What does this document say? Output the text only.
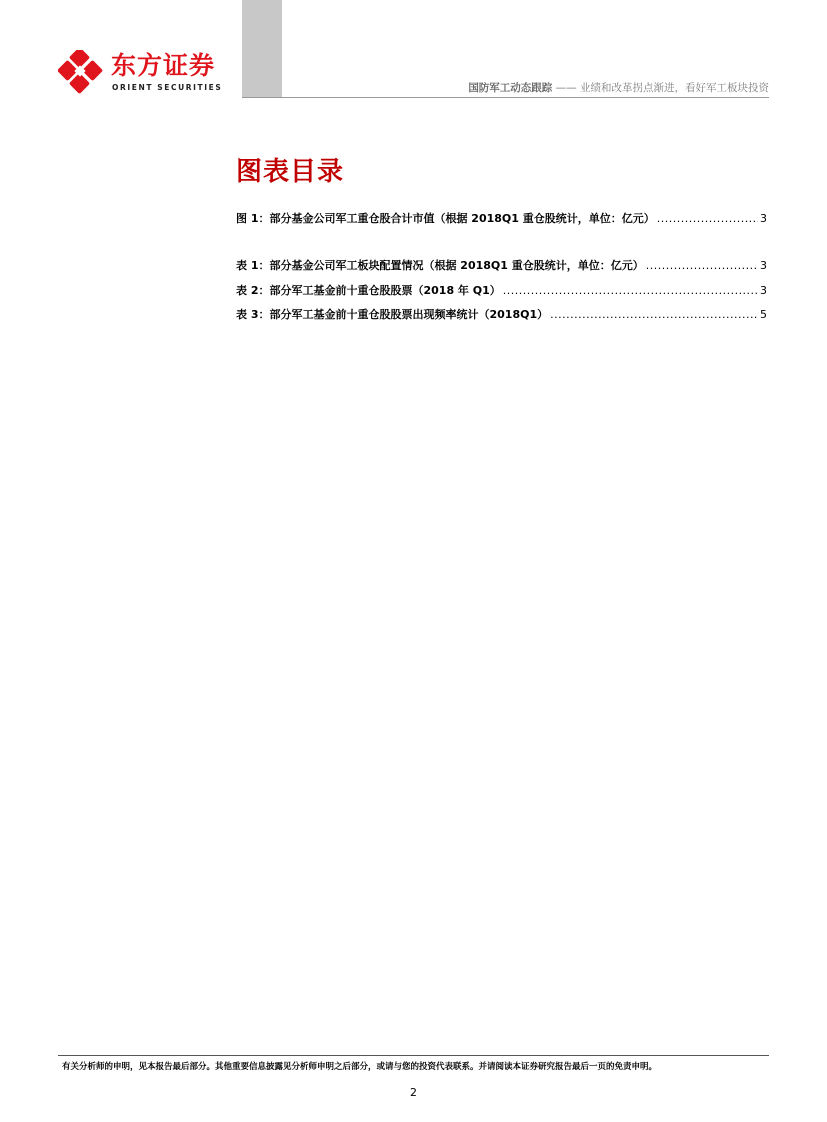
东方证券
ORIENT SECURITIES	国防军工动态跟踪 —— 业绩和改革拐点渐进，看好军工板块投资
图表目录
图 1：部分基金公司军工重仓股合计市值（根据 2018Q1 重仓股统计，单位：亿元） .....	3
表 1：部分基金公司军工板块配置情况（根据 2018Q1 重仓股统计，单位：亿元） .....	3
表 2：部分军工基金前十重仓股股票（2018 年 Q1） .....	3
表 3：部分军工基金前十重仓股股票出现频率统计（2018Q1） .....	5
有关分析师的申明，见本报告最后部分。其他重要信息披露见分析师申明之后部分，或请与您的投资代表联系。并请阅读本证券研究报告最后一页的免责申明。
2
